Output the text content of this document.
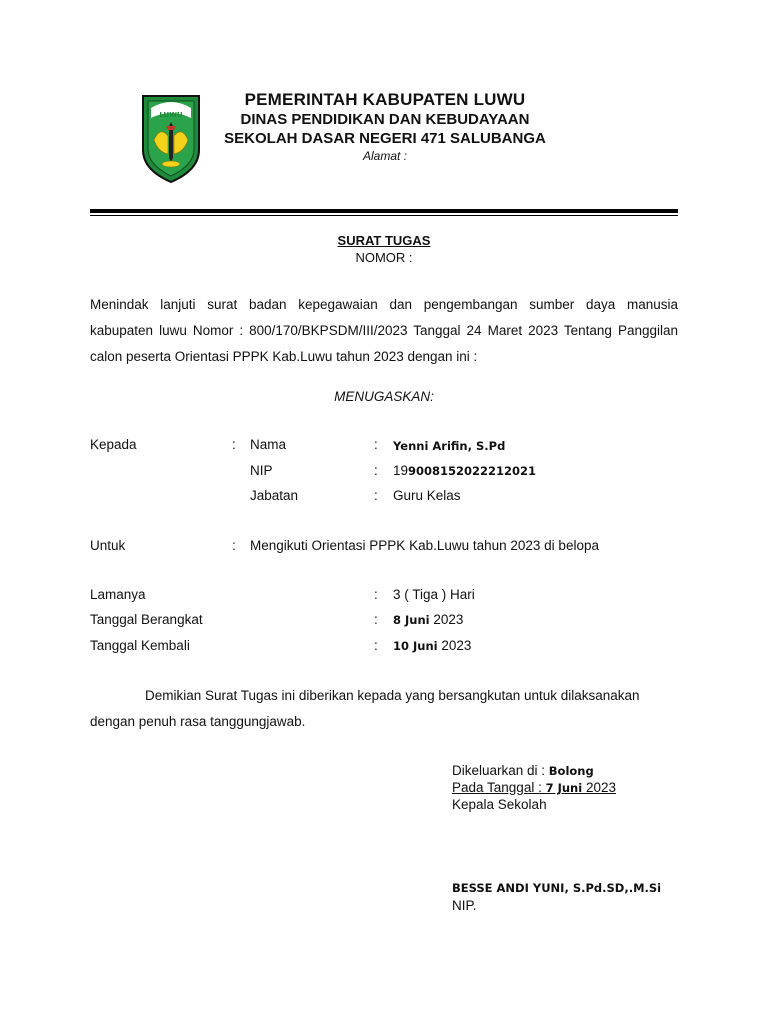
LUWU
PEMERINTAH KABUPATEN LUWU
DINAS PENDIDIKAN DAN KEBUDAYAAN
SEKOLAH DASAR NEGERI 471 SALUBANGA
Alamat :
SURAT TUGAS
NOMOR :
Menindak lanjuti surat badan kepegawaian dan pengembangan sumber daya manusia
kabupaten luwu Nomor : 800/170/BKPSDM/III/2023 Tanggal 24 Maret 2023 Tentang Panggilan
calon peserta Orientasi PPPK Kab.Luwu tahun 2023 dengan ini :
MENUGASKAN:
Kepada	: Nama	: Yenni Arifin, S.Pd
NIP	: 199008152022212021
Jabatan	: Guru Kelas
Untuk	: Mengikuti Orientasi PPPK Kab.Luwu tahun 2023 di belopa
Lamanya	: 3 ( Tiga ) Hari
Tanggal Berangkat	: 8 Juni 2023
Tanggal Kembali	: 10 Juni 2023
Demikian Surat Tugas ini diberikan kepada yang bersangkutan untuk dilaksanakan
dengan penuh rasa tanggungjawab.
Dikeluarkan di : Bolong
Pada Tanggal : 7 Juni 2023
Kepala Sekolah
BESSE ANDI YUNI, S.Pd.SD,.M.Si
NIP.
